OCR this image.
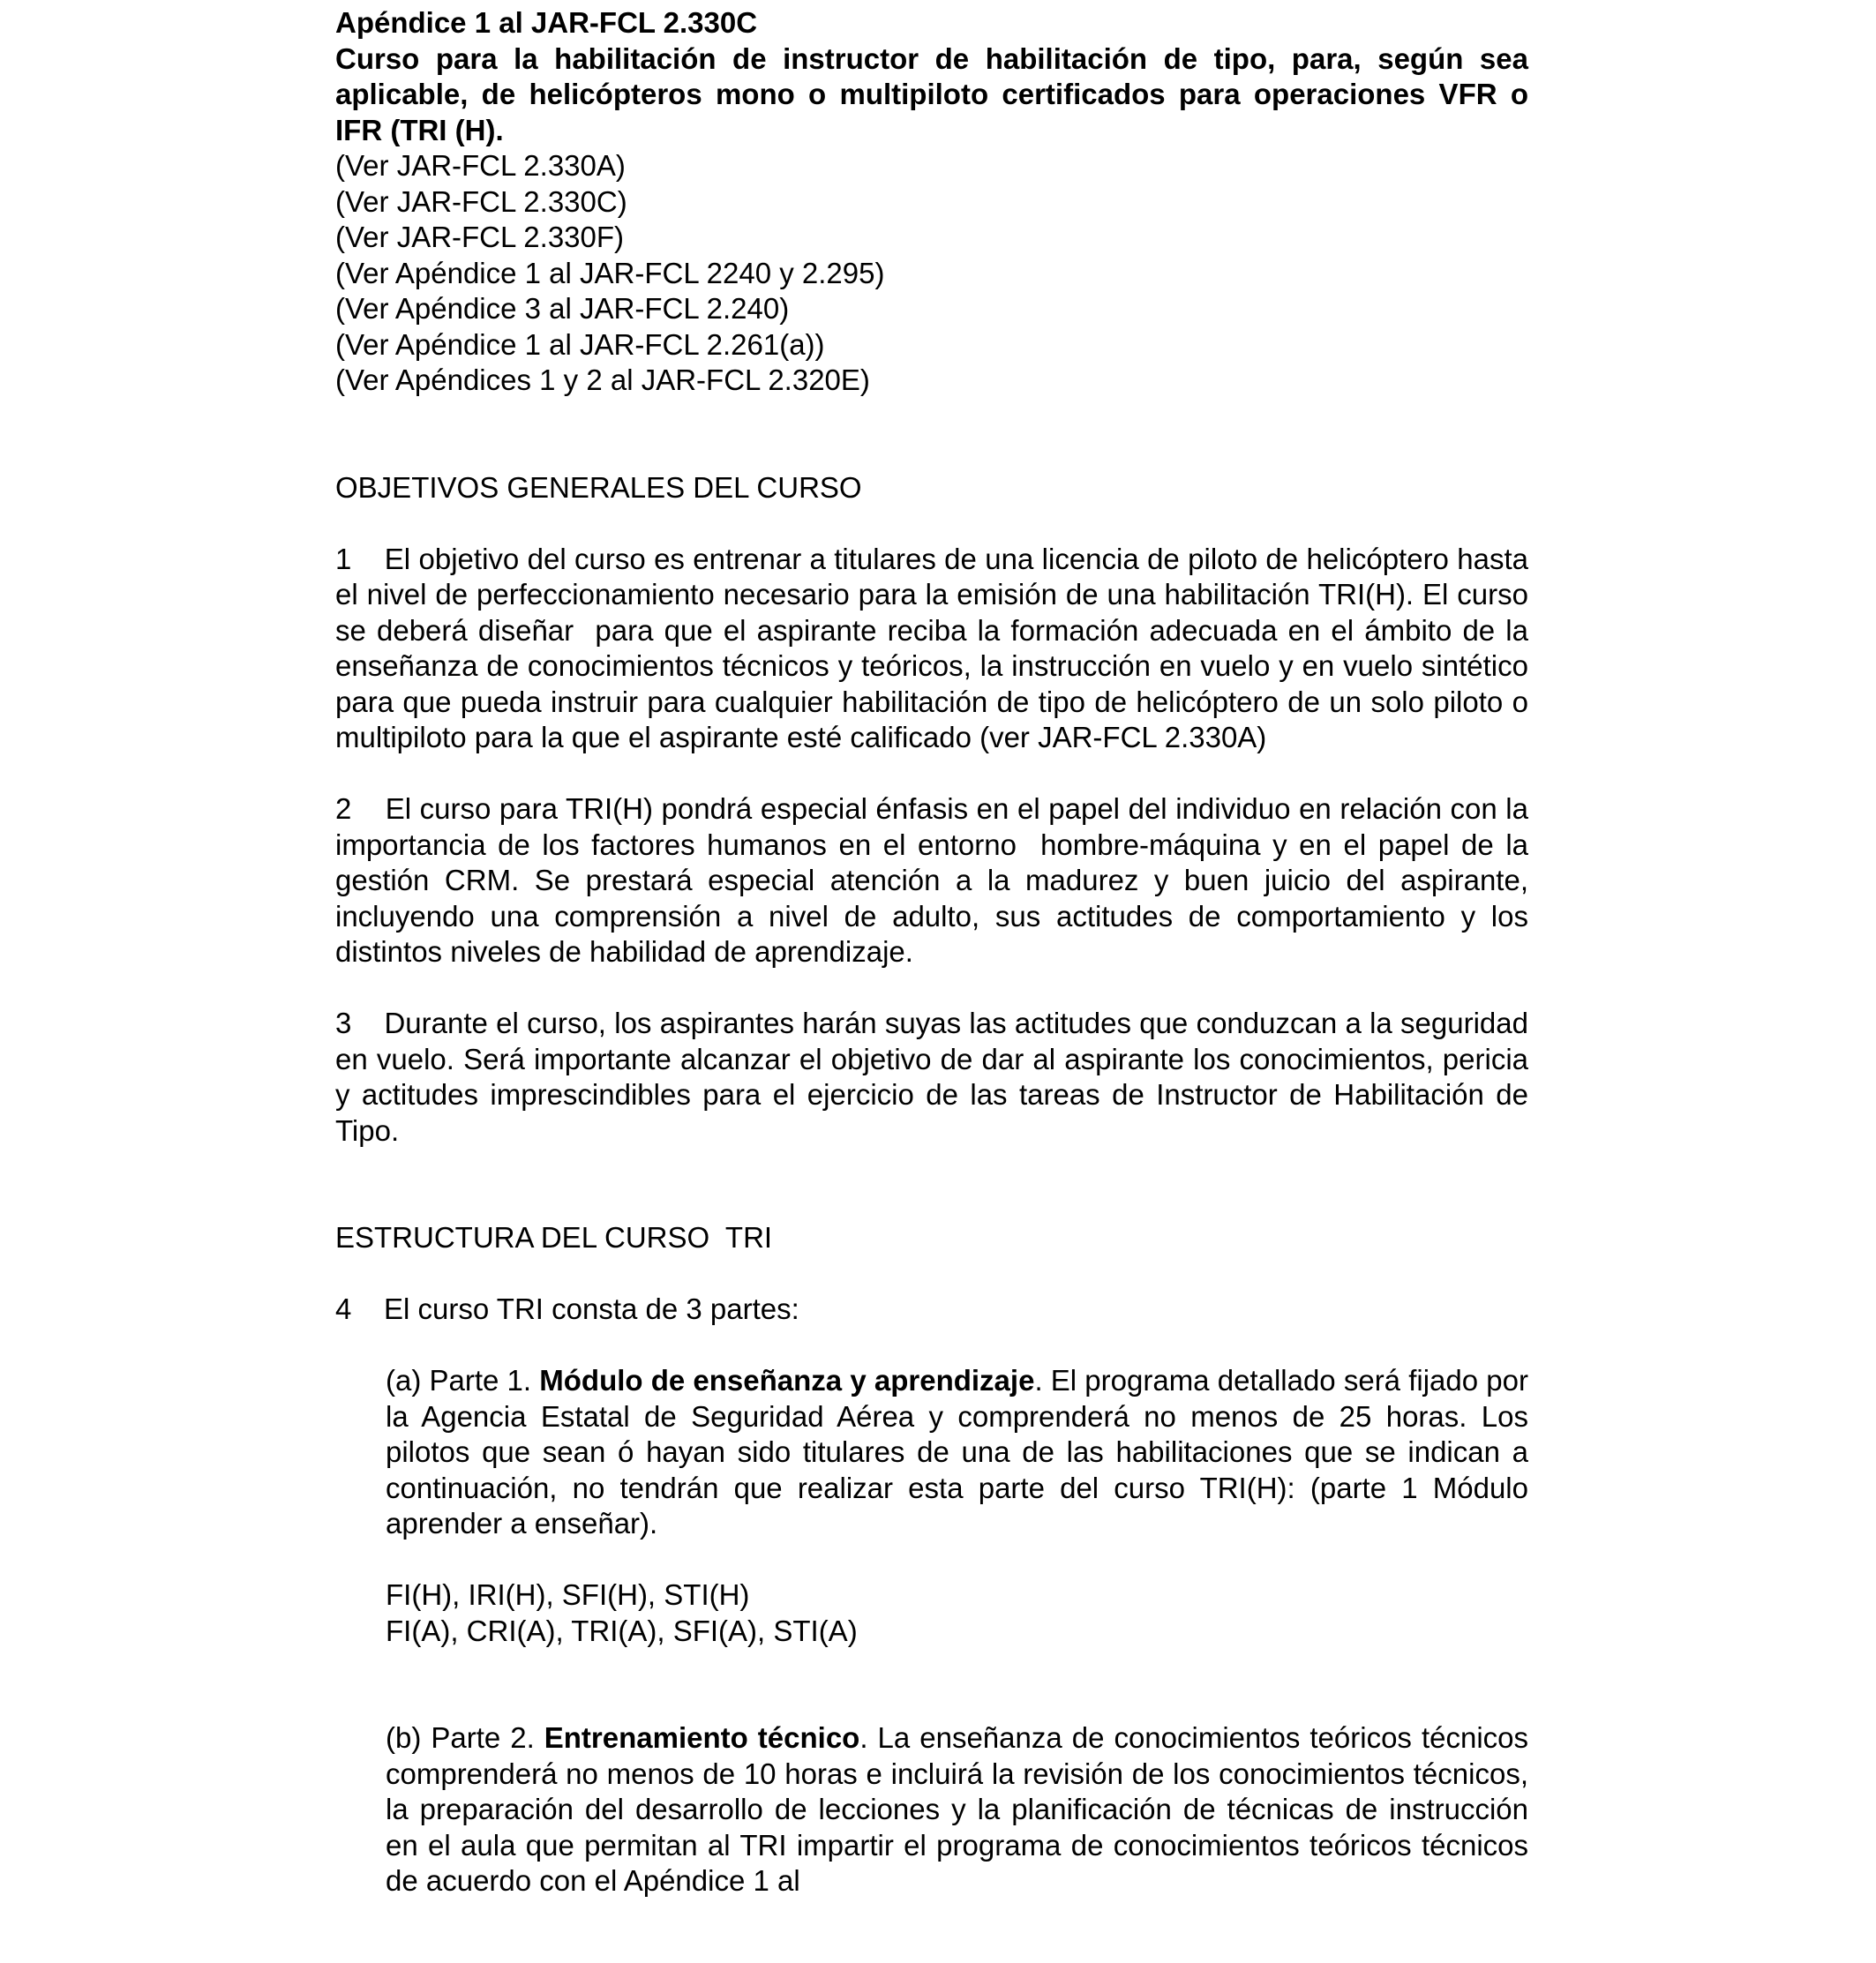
Apéndice 1 al JAR-FCL 2.330C
Curso para la habilitación de instructor de habilitación de tipo, para, según sea aplicable, de helicópteros mono o multipiloto certificados para operaciones VFR o IFR (TRI (H).
(Ver JAR-FCL 2.330A)
(Ver JAR-FCL 2.330C)
(Ver JAR-FCL 2.330F)
(Ver Apéndice 1 al JAR-FCL 2240 y 2.295)
(Ver Apéndice 3 al JAR-FCL 2.240)
(Ver Apéndice 1 al JAR-FCL 2.261(a))
(Ver Apéndices 1 y 2 al JAR-FCL 2.320E)
OBJETIVOS GENERALES DEL CURSO
1    El objetivo del curso es entrenar a titulares de una licencia de piloto de helicóptero hasta el nivel de perfeccionamiento necesario para la emisión de una habilitación TRI(H). El curso se deberá diseñar  para que el aspirante reciba la formación adecuada en el ámbito de la enseñanza de conocimientos técnicos y teóricos, la instrucción en vuelo y en vuelo sintético para que pueda instruir para cualquier habilitación de tipo de helicóptero de un solo piloto o multipiloto para la que el aspirante esté calificado (ver JAR-FCL 2.330A)
2    El curso para TRI(H) pondrá especial énfasis en el papel del individuo en relación con la importancia de los factores humanos en el entorno  hombre-máquina y en el papel de la gestión CRM. Se prestará especial atención a la madurez y buen juicio del aspirante, incluyendo una comprensión a nivel de adulto, sus actitudes de comportamiento y los distintos niveles de habilidad de aprendizaje.
3    Durante el curso, los aspirantes harán suyas las actitudes que conduzcan a la seguridad en vuelo. Será importante alcanzar el objetivo de dar al aspirante los conocimientos, pericia y actitudes imprescindibles para el ejercicio de las tareas de Instructor de Habilitación de Tipo.
ESTRUCTURA DEL CURSO  TRI
4    El curso TRI consta de 3 partes:
(a) Parte 1. Módulo de enseñanza y aprendizaje. El programa detallado será fijado por la Agencia Estatal de Seguridad Aérea y comprenderá no menos de 25 horas. Los pilotos que sean ó hayan sido titulares de una de las habilitaciones que se indican a continuación, no tendrán que realizar esta parte del curso TRI(H): (parte 1 Módulo aprender a enseñar).
FI(H), IRI(H), SFI(H), STI(H)
FI(A), CRI(A), TRI(A), SFI(A), STI(A)
(b) Parte 2. Entrenamiento técnico. La enseñanza de conocimientos teóricos técnicos comprenderá no menos de 10 horas e incluirá la revisión de los conocimientos técnicos, la preparación del desarrollo de lecciones y la planificación de técnicas de instrucción en el aula que permitan al TRI impartir el programa de conocimientos teóricos técnicos de acuerdo con el Apéndice 1 al
